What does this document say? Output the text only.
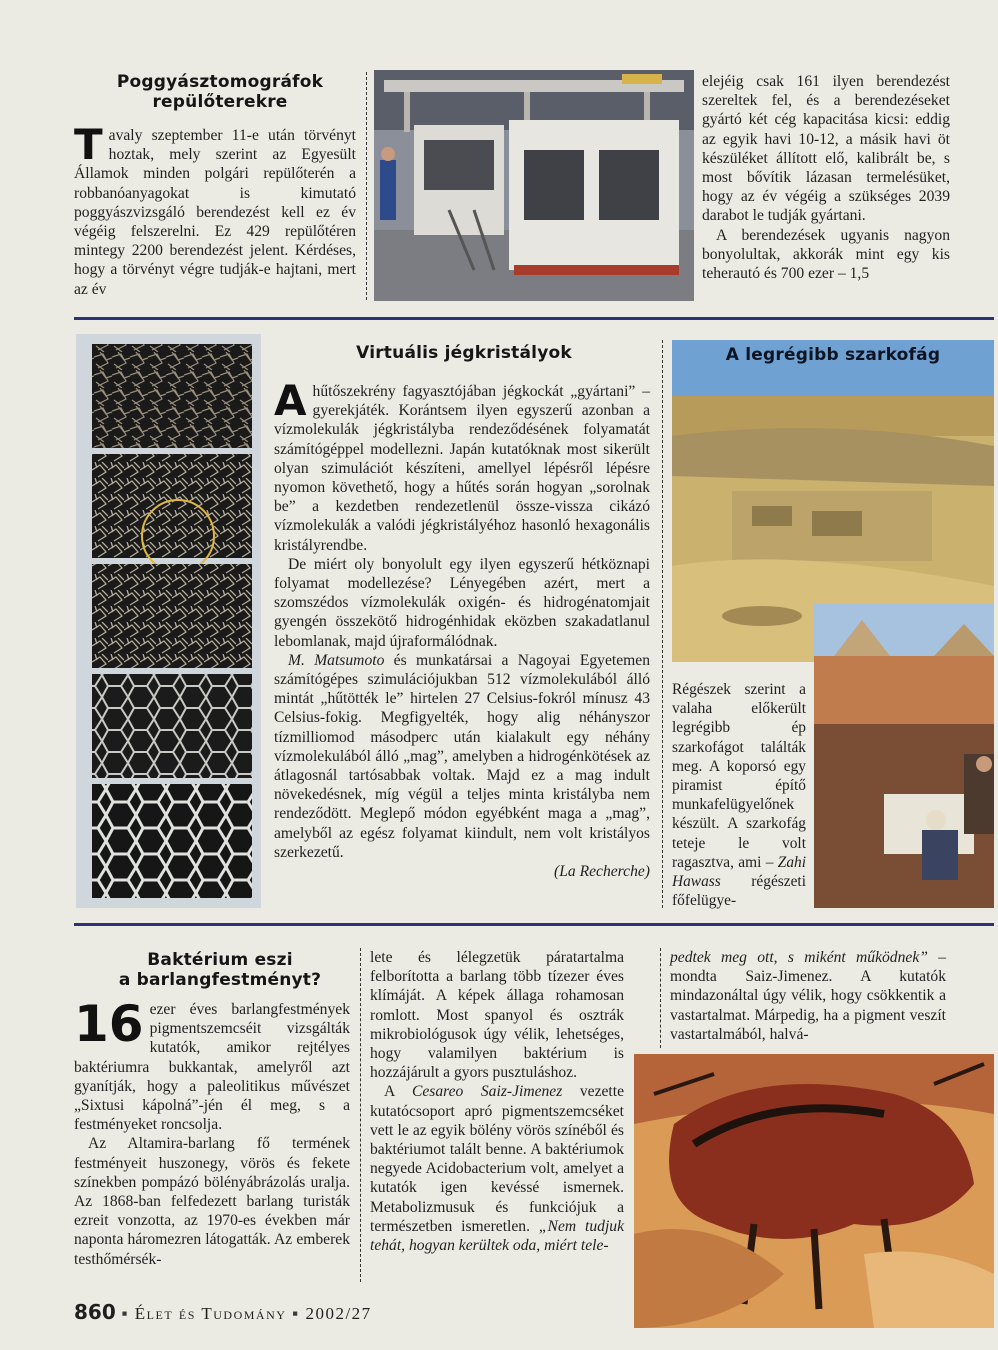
Poggyásztomográfok
repülőterekre
T avaly szeptember 11-e után törvényt hoztak, mely szerint az Egyesült Államok minden polgári repülőterén a robbanóanyagokat is kimutató poggyászvizsgáló berendezést kell ez év végéig felszerelni. Ez 429 repülőtéren mintegy 2200 berendezést jelent. Kérdéses, hogy a törvényt végre tudják-e hajtani, mert az év

elejéig csak 161 ilyen berendezést szereltek fel, és a berendezéseket gyártó két cég kapacitása kicsi: eddig az egyik havi 10-12, a másik havi öt készüléket állított elő, kalibrált be, s most bővítik lázasan termelésüket, hogy az év végéig a szükséges 2039 darabot le tudják gyártani.

A berendezések ugyanis nagyon bonyolultak, akkorák mint egy kis teherautó és 700 ezer – 1,5

Virtuális jégkristályok

Ahűtőszekrény fagyasztójában jégkockát „gyártani” – gyerekjáték. Korántsem ilyen egyszerű azonban a vízmolekulák jégkristályba rendeződésének folyamatát számítógéppel modellezni. Japán kutatóknak most sikerült olyan szimulációt készíteni, amellyel lépésről lépésre nyomon követhető, hogy a hűtés során hogyan „sorolnak be” a kezdetben rendezetlenül össze-vissza cikázó vízmolekulák a valódi jégkristályéhoz hasonló hexagonális kristályrendbe.

De miért oly bonyolult egy ilyen egyszerű hétköznapi folyamat modellezése? Lényegében azért, mert a szomszédos vízmolekulák oxigén- és hidrogénatomjait gyengén összekötő hidrogénhidak eközben szakadatlanul lebomlanak, majd újraformálódnak.

M. Matsumoto és munkatársai a Nagoyai Egyetemen számítógépes szimulációjukban 512 vízmolekulából álló mintát „hűtötték le” hirtelen 27 Celsius-fokról mínusz 43 Celsius-fokig. Megfigyelték, hogy alig néhányszor tízmilliomod másodperc után kialakult egy néhány vízmolekulából álló „mag”, amelyben a hidrogénkötések az átlagosnál tartósabbak voltak. Majd ez a mag indult növekedésnek, míg végül a teljes minta kristályba nem rendeződött. Meglepő módon egyébként maga a „mag”, amelyből az egész folyamat kiindult, nem volt kristályos szerkezetű.

(La Recherche)
A legrégibb szarkofág
Régészek szerint a valaha előkerült legrégibb ép szarkofágot találták meg. A koporsó egy piramist építő munkafelügyelőnek készült. A szarkofág teteje le volt ragasztva, ami – Zahi Hawass régészeti főfelügye-
Baktérium eszi
a barlangfestményt?

16 ezer éves barlangfestmények pigmentszemcséit vizsgálták kutatók, amikor rejtélyes baktériumra bukkantak, amelyről azt gyanítják, hogy a paleolitikus művészet „Sixtusi kápolná”-jén él meg, s a festményeket roncsolja.

Az Altamira-barlang fő termének festményeit huszonegy, vörös és fekete színekben pompázó bölényábrázolás uralja. Az 1868-ban felfedezett barlang turisták ezreit vonzotta, az 1970-es években már naponta háromezren látogatták. Az emberek testhőmérsék-

lete és lélegzetük páratartalma felborította a barlang több tízezer éves klímáját. A képek állaga rohamosan romlott. Most spanyol és osztrák mikrobiológusok úgy vélik, lehetséges, hogy valamilyen baktérium is hozzájárult a gyors pusztuláshoz.

A Cesareo Saiz-Jimenez vezette kutatócsoport apró pigmentszemcséket vett le az egyik bölény vörös színéből és baktériumot talált benne. A baktériumok negyede Acidobacterium volt, amelyet a kutatók igen kevéssé ismernek. Metabolizmusuk és funkciójuk a természetben ismeretlen. „Nem tudjuk tehát, hogyan kerültek oda, miért tele-

pedtek meg ott, s miként működnek” – mondta Saiz-Jimenez. A kutatók mindazonáltal úgy vélik, hogy csökkentik a vastartalmat. Márpedig, ha a pigment veszít vastartalmából, halvá-
860 ▪ Élet és Tudomány ▪ 2002/27
